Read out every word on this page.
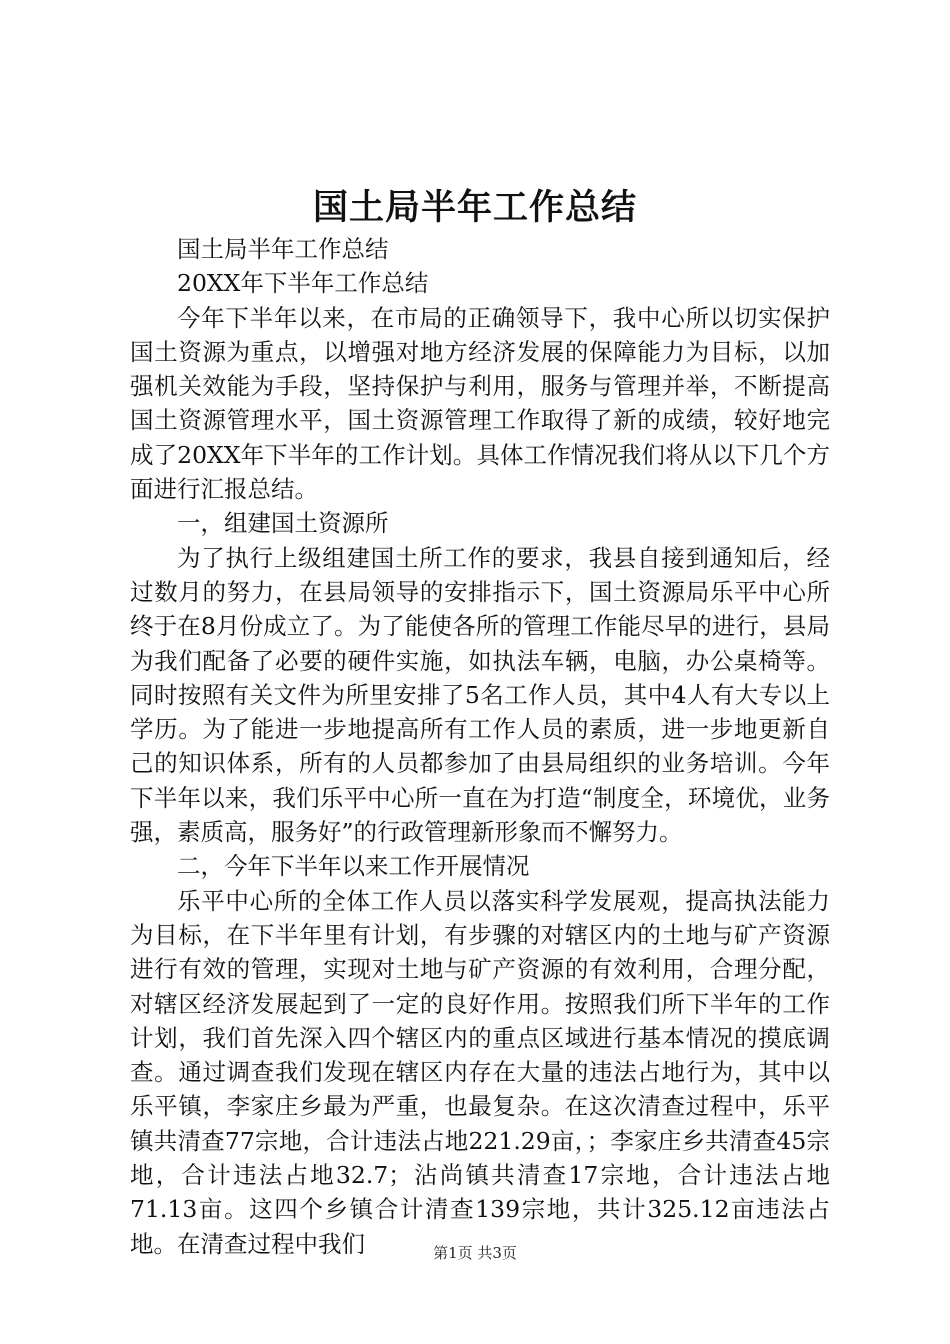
国土局半年工作总结

国土局半年工作总结

20XX年下半年工作总结

今年下半年以来，在市局的正确领导下，我中心所以切实保护国土资源为重点，以增强对地方经济发展的保障能力为目标，以加强机关效能为手段，坚持保护与利用，服务与管理并举，不断提高国土资源管理水平，国土资源管理工作取得了新的成绩，较好地完成了20XX年下半年的工作计划。具体工作情况我们将从以下几个方面进行汇报总结。

一，组建国土资源所

为了执行上级组建国土所工作的要求，我县自接到通知后，经过数月的努力，在县局领导的安排指示下，国土资源局乐平中心所终于在8月份成立了。为了能使各所的管理工作能尽早的进行，县局为我们配备了必要的硬件实施，如执法车辆，电脑，办公桌椅等。同时按照有关文件为所里安排了5名工作人员，其中4人有大专以上学历。为了能进一步地提高所有工作人员的素质，进一步地更新自己的知识体系，所有的人员都参加了由县局组织的业务培训。今年下半年以来，我们乐平中心所一直在为打造“制度全，环境优，业务强，素质高，服务好”的行政管理新形象而不懈努力。

二，今年下半年以来工作开展情况

乐平中心所的全体工作人员以落实科学发展观，提高执法能力为目标，在下半年里有计划，有步骤的对辖区内的土地与矿产资源进行有效的管理，实现对土地与矿产资源的有效利用，合理分配，对辖区经济发展起到了一定的良好作用。按照我们所下半年的工作计划，我们首先深入四个辖区内的重点区域进行基本情况的摸底调查。通过调查我们发现在辖区内存在大量的违法占地行为，其中以乐平镇，李家庄乡最为严重，也最复杂。在这次清查过程中，乐平镇共清查77宗地，合计违法占地221.29亩，；李家庄乡共清查45宗地，合计违法占地32.7；沾尚镇共清查17宗地，合计违法占地71.13亩。这四个乡镇合计清查139宗地，共计325.12亩违法占地。在清查过程中我们	第1页 共3页
